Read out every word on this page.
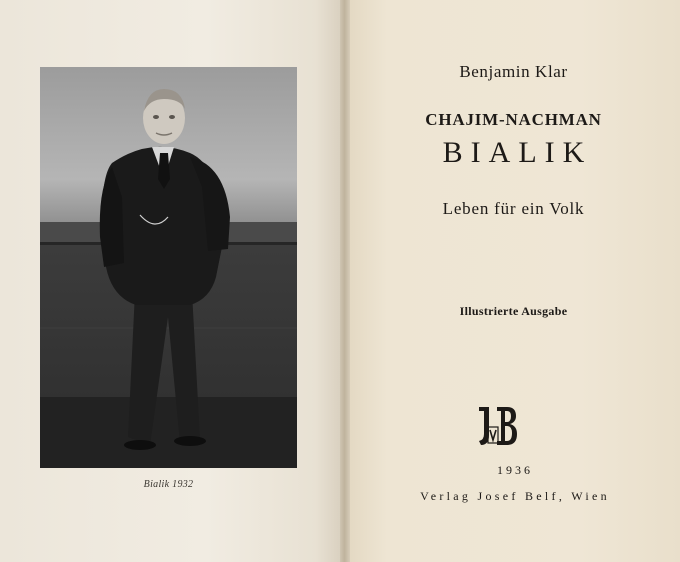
Bialik 1932
Benjamin Klar
CHAJIM-NACHMAN
BIALIK
Leben für ein Volk
Illustrierte Ausgabe
1936
Verlag Josef Belf, Wien
